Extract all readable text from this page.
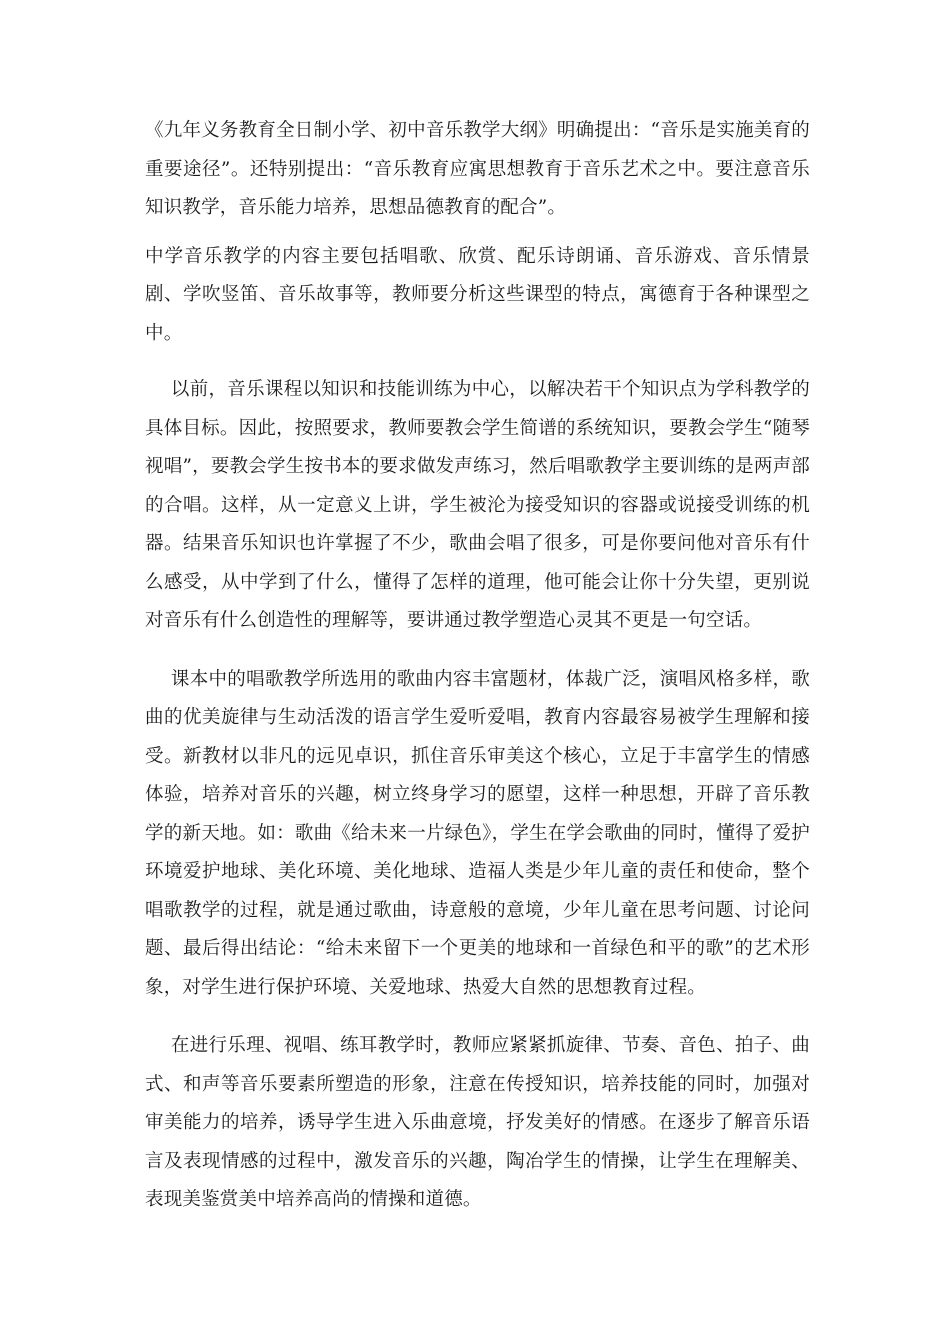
《九年义务教育全日制小学、初中音乐教学大纲》明确提出：“音乐是实施美育的重要途径”。还特别提出：“音乐教育应寓思想教育于音乐艺术之中。要注意音乐知识教学，音乐能力培养，思想品德教育的配合”。

中学音乐教学的内容主要包括唱歌、欣赏、配乐诗朗诵、音乐游戏、音乐情景剧、学吹竖笛、音乐故事等，教师要分析这些课型的特点，寓德育于各种课型之中。

以前，音乐课程以知识和技能训练为中心，以解决若干个知识点为学科教学的具体目标。因此，按照要求，教师要教会学生简谱的系统知识，要教会学生“随琴视唱”，要教会学生按书本的要求做发声练习，然后唱歌教学主要训练的是两声部的合唱。这样，从一定意义上讲，学生被沦为接受知识的容器或说接受训练的机器。结果音乐知识也许掌握了不少，歌曲会唱了很多，可是你要问他对音乐有什么感受，从中学到了什么，懂得了怎样的道理，他可能会让你十分失望，更别说对音乐有什么创造性的理解等，要讲通过教学塑造心灵其不更是一句空话。

课本中的唱歌教学所选用的歌曲内容丰富题材，体裁广泛，演唱风格多样，歌曲的优美旋律与生动活泼的语言学生爱听爱唱，教育内容最容易被学生理解和接受。新教材以非凡的远见卓识，抓住音乐审美这个核心，立足于丰富学生的情感体验，培养对音乐的兴趣，树立终身学习的愿望，这样一种思想，开辟了音乐教学的新天地。如：歌曲《给未来一片绿色》，学生在学会歌曲的同时，懂得了爱护环境爱护地球、美化环境、美化地球、造福人类是少年儿童的责任和使命，整个唱歌教学的过程，就是通过歌曲，诗意般的意境，少年儿童在思考问题、讨论问题、最后得出结论：“给未来留下一个更美的地球和一首绿色和平的歌”的艺术形象，对学生进行保护环境、关爱地球、热爱大自然的思想教育过程。

在进行乐理、视唱、练耳教学时，教师应紧紧抓旋律、节奏、音色、拍子、曲式、和声等音乐要素所塑造的形象，注意在传授知识，培养技能的同时，加强对审美能力的培养，诱导学生进入乐曲意境，抒发美好的情感。在逐步了解音乐语言及表现情感的过程中，激发音乐的兴趣，陶冶学生的情操，让学生在理解美、表现美鉴赏美中培养高尚的情操和道德。
